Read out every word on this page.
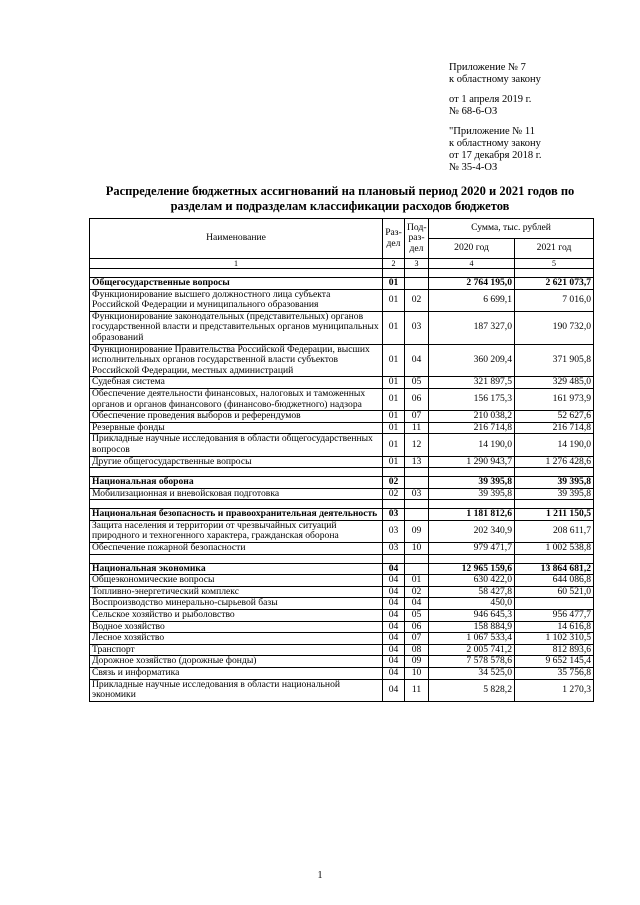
Приложение № 7
к областному закону
от 1 апреля 2019 г.
№ 68-6-ОЗ
"Приложение № 11
к областному закону
от 17 декабря 2018 г.
№ 35-4-ОЗ
Распределение бюджетных ассигнований на плановый период 2020 и 2021 годов по
разделам и подразделам классификации расходов бюджетов
Наименование	Раз-дел	Под-раз-дел	Сумма, тыс. рублей	
			2020 год	2021 год
1	2	3	4	5

Общегосударственные вопросы	01		2 764 195,0	2 621 073,7
Функционирование высшего должностного лица субъекта Российской Федерации и муниципального образования	01	02	6 699,1	7 016,0
Функционирование законодательных (представительных) органов государственной власти и представительных органов муниципальных образований	01	03	187 327,0	190 732,0
Функционирование Правительства Российской Федерации, высших исполнительных органов государственной власти субъектов Российской Федерации, местных администраций	01	04	360 209,4	371 905,8
Судебная система	01	05	321 897,5	329 485,0
Обеспечение деятельности финансовых, налоговых и таможенных органов и органов финансового (финансово-бюджетного) надзора	01	06	156 175,3	161 973,9
Обеспечение проведения выборов и референдумов	01	07	210 038,2	52 627,6
Резервные фонды	01	11	216 714,8	216 714,8
Прикладные научные исследования в области общегосударственных вопросов	01	12	14 190,0	14 190,0
Другие общегосударственные вопросы	01	13	1 290 943,7	1 276 428,6

Национальная оборона	02		39 395,8	39 395,8
Мобилизационная и вневойсковая подготовка	02	03	39 395,8	39 395,8

Национальная безопасность и правоохранительная деятельность	03		1 181 812,6	1 211 150,5
Защита населения и территории от чрезвычайных ситуаций природного и техногенного характера, гражданская оборона	03	09	202 340,9	208 611,7
Обеспечение пожарной безопасности	03	10	979 471,7	1 002 538,8

Национальная экономика	04		12 965 159,6	13 864 681,2
Общеэкономические вопросы	04	01	630 422,0	644 086,8
Топливно-энергетический комплекс	04	02	58 427,8	60 521,0
Воспроизводство минерально-сырьевой базы	04	04	450,0	
Сельское хозяйство и рыболовство	04	05	946 645,3	956 477,7
Водное хозяйство	04	06	158 884,9	14 616,8
Лесное хозяйство	04	07	1 067 533,4	1 102 310,5
Транспорт	04	08	2 005 741,2	812 893,6
Дорожное хозяйство (дорожные фонды)	04	09	7 578 578,6	9 652 145,4
Связь и информатика	04	10	34 525,0	35 756,8
Прикладные научные исследования в области национальной экономики	04	11	5 828,2	1 270,3
1
